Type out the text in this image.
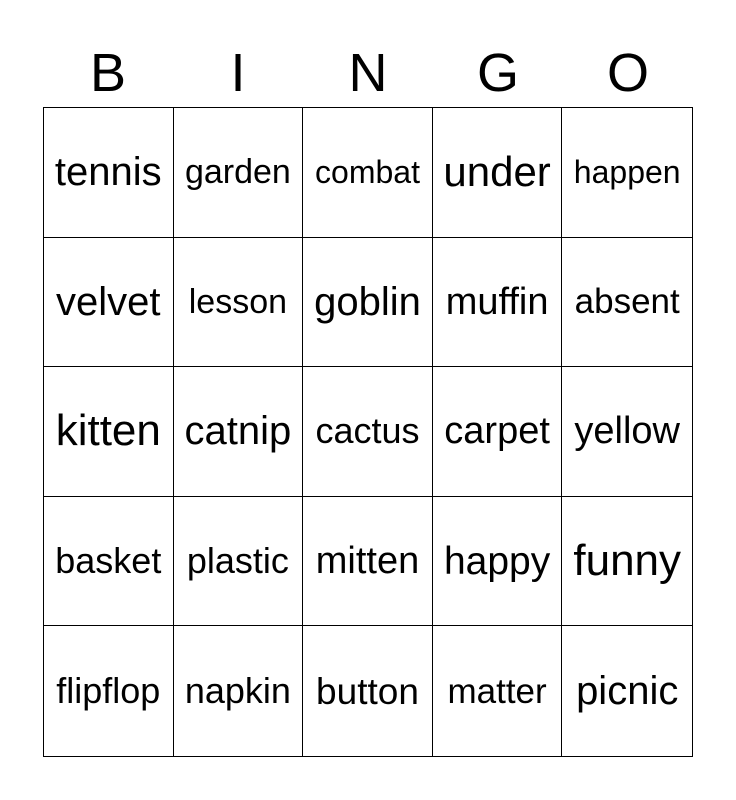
B	I	N	G	O
tennis garden combat under happen
velvet lesson goblin muffin absent
kitten catnip cactus carpet yellow
basket plastic mitten happy funny
flipflop napkin button matter picnic
